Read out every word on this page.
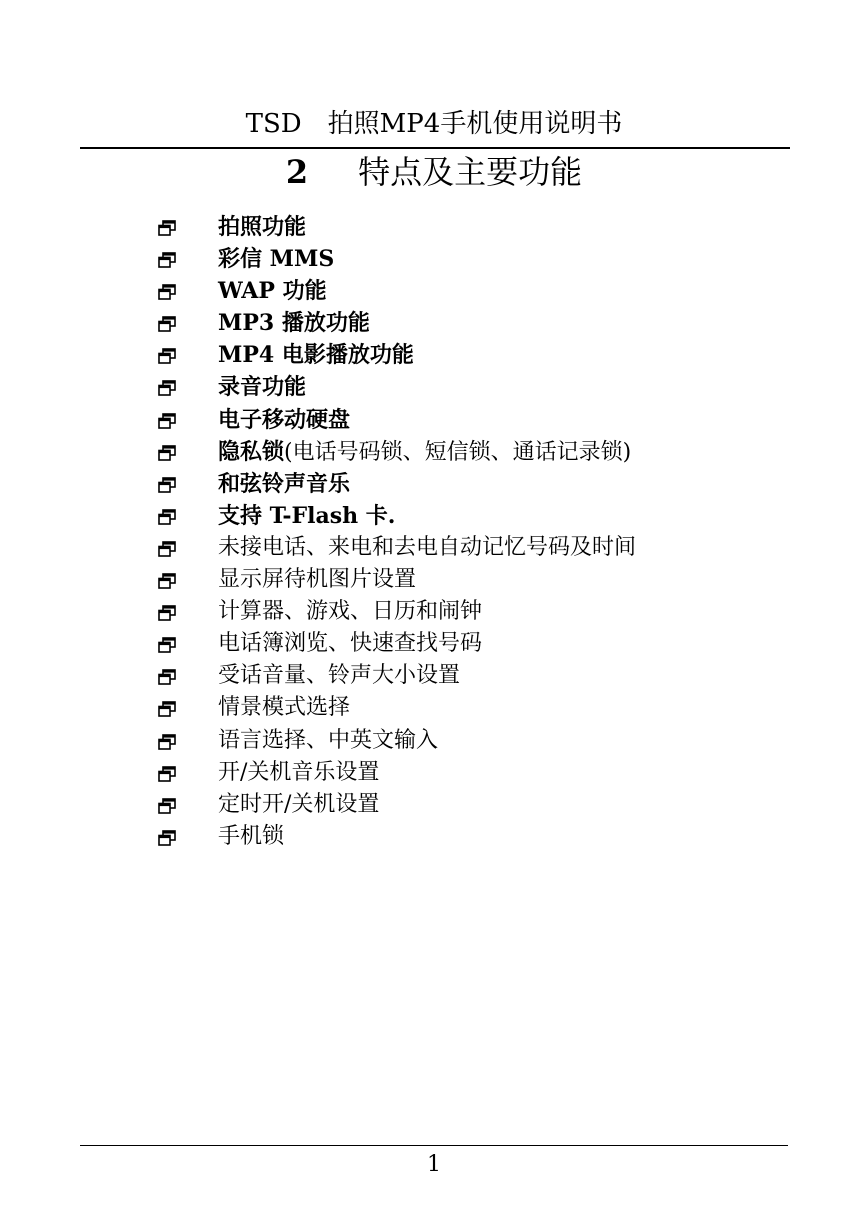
TSD　拍照MP4手机使用说明书
2 特点及主要功能
拍照功能
彩信 MMS
WAP 功能
MP3 播放功能
MP4 电影播放功能
录音功能
电子移动硬盘
隐私锁(电话号码锁、短信锁、通话记录锁)
和弦铃声音乐
支持 T-Flash 卡.
未接电话、来电和去电自动记忆号码及时间
显示屏待机图片设置
计算器、游戏、日历和闹钟
电话簿浏览、快速查找号码
受话音量、铃声大小设置
情景模式选择
语言选择、中英文输入
开/关机音乐设置
定时开/关机设置
手机锁
1
